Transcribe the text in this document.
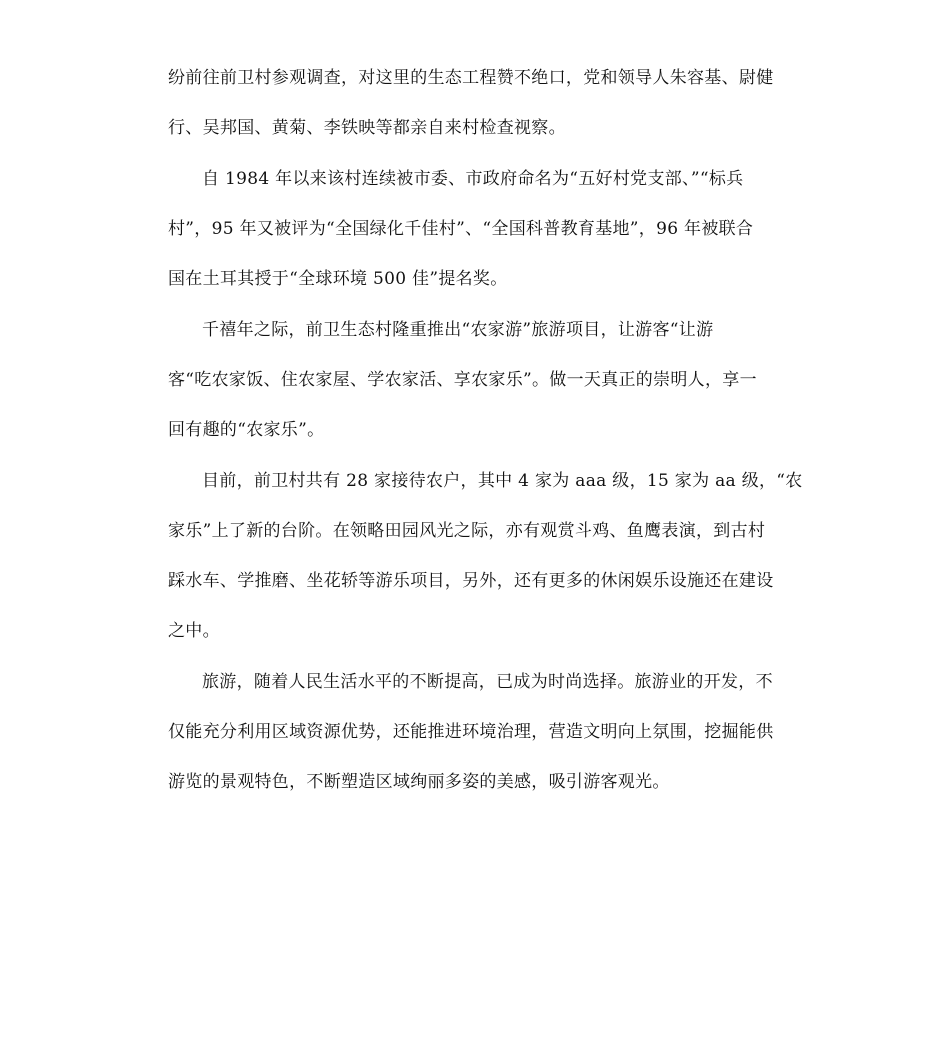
纷前往前卫村参观调查，对这里的生态工程赞不绝口，党和领导人朱容基、尉健
行、吴邦国、黄菊、李铁映等都亲自来村检查视察。
自 1984 年以来该村连续被市委、市政府命名为“五好村党支部、”“标兵
村”，95 年又被评为“全国绿化千佳村”、“全国科普教育基地”，96 年被联合
国在土耳其授于“全球环境 500 佳”提名奖。
千禧年之际，前卫生态村隆重推出“农家游”旅游项目，让游客“让游
客“吃农家饭、住农家屋、学农家活、享农家乐”。做一天真正的崇明人，享一
回有趣的“农家乐”。
目前，前卫村共有 28 家接待农户，其中 4 家为 aaa 级，15 家为 aa 级，“农
家乐”上了新的台阶。在领略田园风光之际，亦有观赏斗鸡、鱼鹰表演，到古村
踩水车、学推磨、坐花轿等游乐项目，另外，还有更多的休闲娱乐设施还在建设
之中。
旅游，随着人民生活水平的不断提高，已成为时尚选择。旅游业的开发，不
仅能充分利用区域资源优势，还能推进环境治理，营造文明向上氛围，挖掘能供
游览的景观特色，不断塑造区域绚丽多姿的美感，吸引游客观光。
